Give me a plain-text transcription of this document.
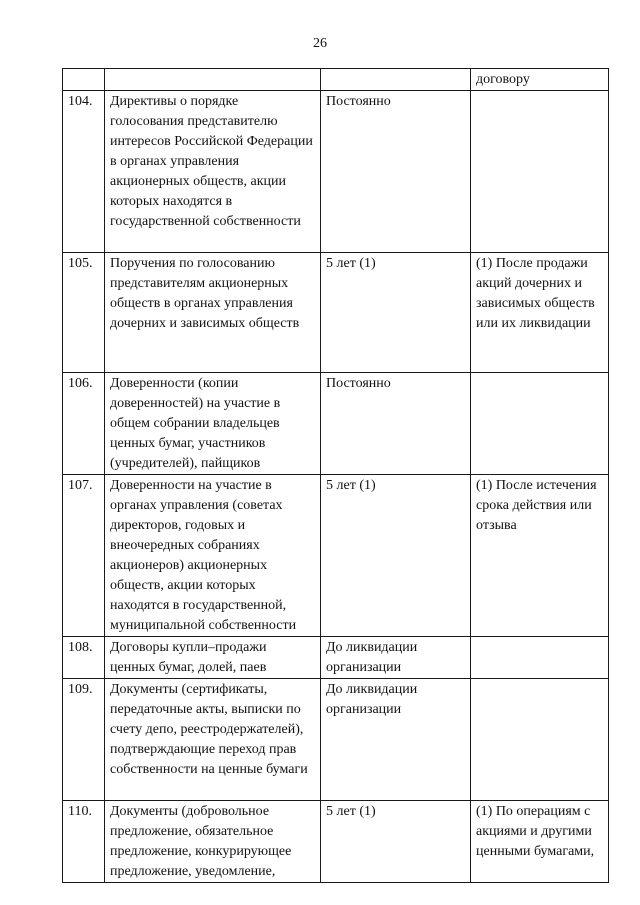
26
			договору
104.	Директивы о порядке голосования представителю интересов Российской Федерации в органах управления акционерных обществ, акции которых находятся в государственной собственности	Постоянно	
105.	Поручения по голосованию представителям акционерных обществ в органах управления дочерних и зависимых обществ	5 лет (1)	(1) После продажи акций дочерних и зависимых обществ или их ликвидации
106.	Доверенности (копии доверенностей) на участие в общем собрании владельцев ценных бумаг, участников (учредителей), пайщиков	Постоянно	
107.	Доверенности на участие в органах управления (советах директоров, годовых и внеочередных собраниях акционеров) акционерных обществ, акции которых находятся в государственной, муниципальной собственности	5 лет (1)	(1) После истечения срока действия или отзыва
108.	Договоры купли–продажи ценных бумаг, долей, паев	До ликвидации организации	
109.	Документы (сертификаты, передаточные акты, выписки по счету депо, реестродержателей), подтверждающие переход прав собственности на ценные бумаги	До ликвидации организации	
110.	Документы (добровольное предложение, обязательное предложение, конкурирующее предложение, уведомление,	5 лет (1)	(1) По операциям с акциями и другими ценными бумагами,
